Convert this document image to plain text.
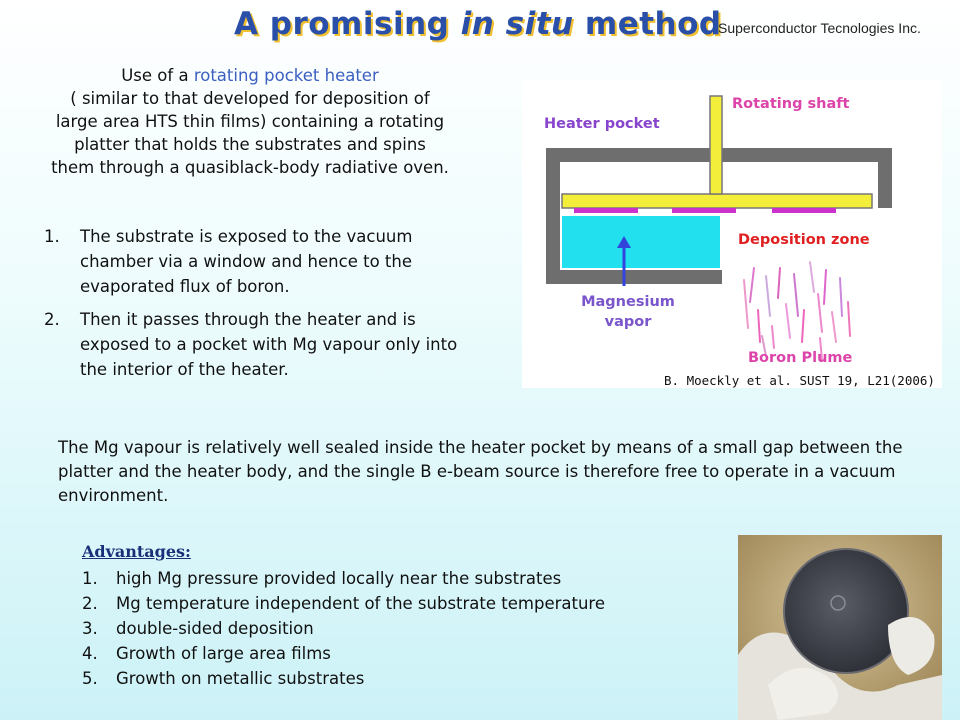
A promising in situ method
Superconductor Tecnologies Inc.
Use of a rotating pocket heater
( similar to that developed for deposition of
large area HTS thin films) containing a rotating
platter that holds the substrates and spins
them through a quasiblack-body radiative oven.
1. The substrate is exposed to the vacuum chamber via a window and hence to the evaporated flux of boron.
2. Then it passes through the heater and is exposed to a pocket with Mg vapour only into the interior of the heater.
Heater pocket
Rotating shaft
Deposition zone
Magnesium
vapor
Boron Plume
B. Moeckly et al. SUST 19, L21(2006)
The Mg vapour is relatively well sealed inside the heater pocket by means of a small gap between the platter and the heater body, and the single B e-beam source is therefore free to operate in a vacuum environment.
Advantages:
1. high Mg pressure provided locally near the substrates
2. Mg temperature independent of the substrate temperature
3. double-sided deposition
4. Growth of large area films
5. Growth on metallic substrates
